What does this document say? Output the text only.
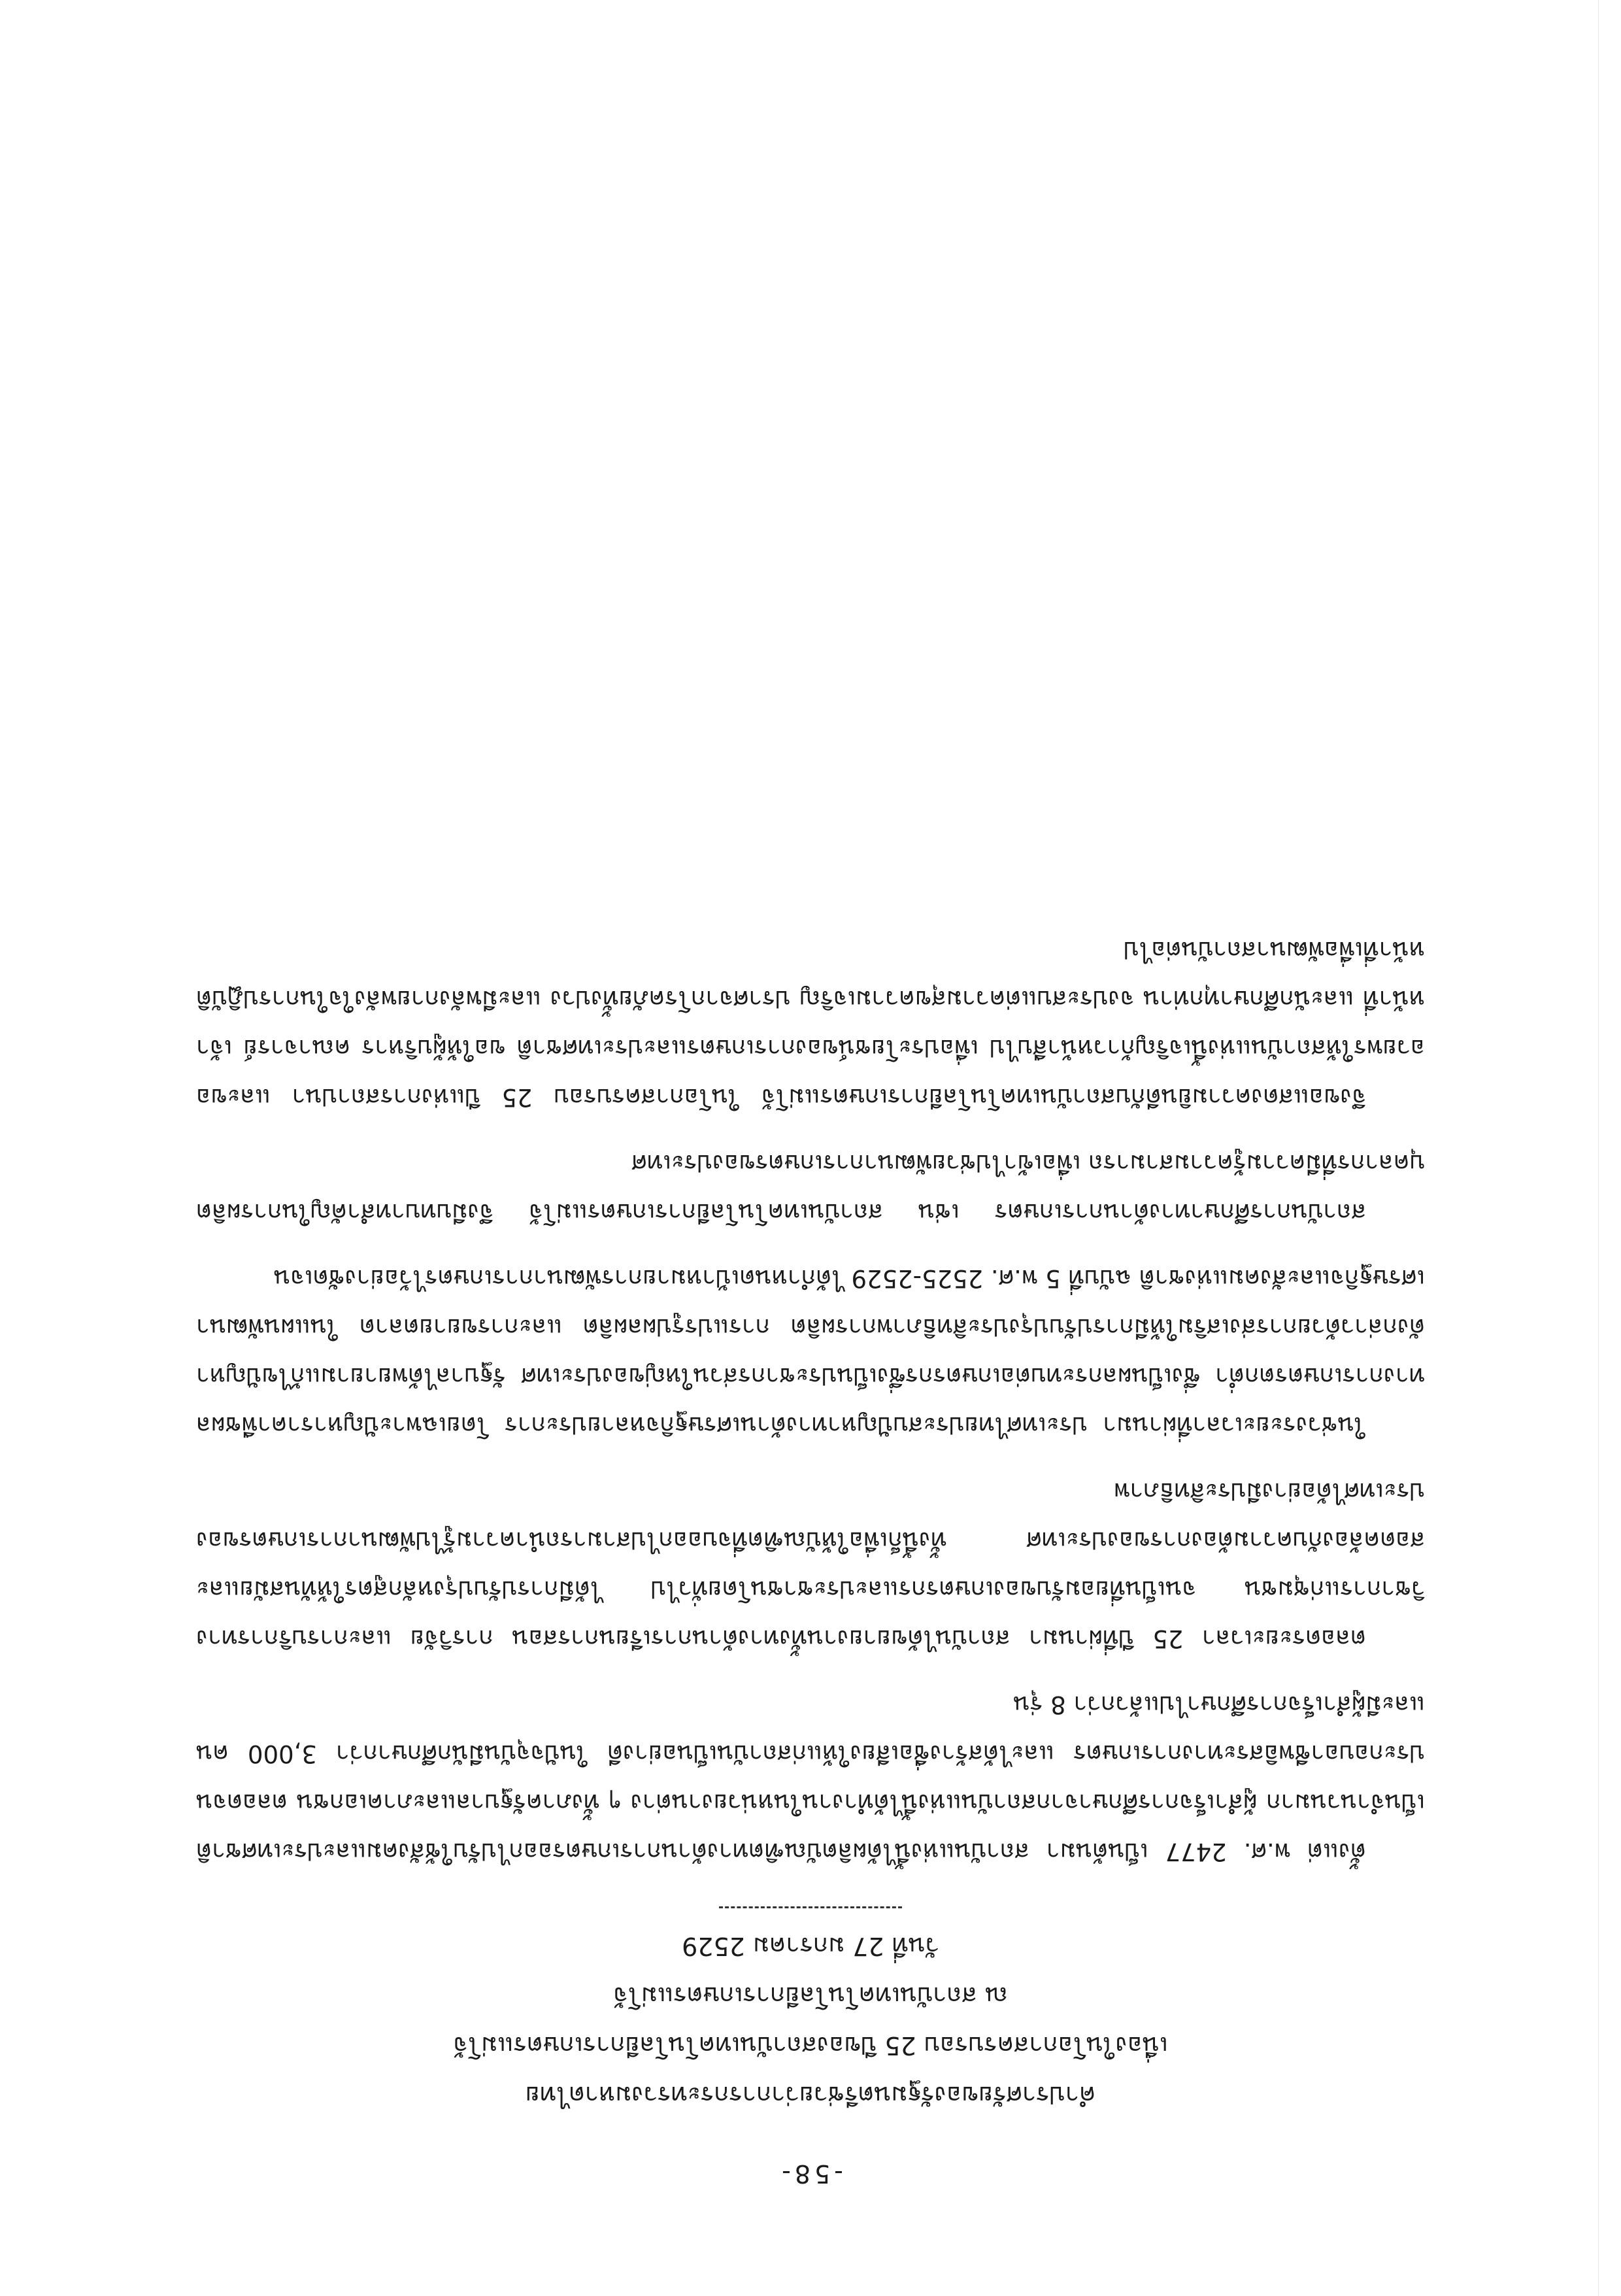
-58-
คำปราศรัยของรัฐมนตรีช่วยว่าการกระทรวงมหาดไทย
เนื่องในโอกาสครบรอบ 25 ปีของสถาบันเทคโนโลยีการเกษตรแม่โจ้
ณ สถาบันเทคโนโลยีการเกษตรแม่โจ้
วันที่ 27 มกราคม 2529

ตั้งแต่ พ.ศ. 2477 เป็นต้นมา สถาบันแห่งนี้ได้ผลิตบัณฑิตทางด้านการเกษตรออกไปรับใช้สังคมและประเทศชาติเป็นจำนวนมาก ผู้สำเร็จการศึกษาจากสถาบันแห่งนี้ได้ทำงานในหน่วยงานต่าง ๆ ทั้งภาครัฐบาลและภาคเอกชน ตลอดจนประกอบอาชีพอิสระทางการเกษตร และได้สร้างชื่อเสียงให้แก่สถาบันเป็นอย่างดี ในปัจจุบันมีนักศึกษากว่า 3,000 คน และมีผู้สำเร็จการศึกษาไปแล้วกว่า 8 รุ่น

ตลอดระยะเวลา 25 ปีที่ผ่านมา สถาบันได้ขยายงานทั้งทางด้านการเรียนการสอน การวิจัย และการบริการทางวิชาการแก่ชุมชน จนเป็นที่ยอมรับของเกษตรกรและประชาชนโดยทั่วไป ได้มีการปรับปรุงหลักสูตรให้ทันสมัยและสอดคล้องกับความต้องการของประเทศ ทั้งนี้ก็เพื่อให้บัณฑิตที่จบออกไปสามารถนำความรู้ไปพัฒนาการเกษตรของประเทศได้อย่างมีประสิทธิภาพ

ในช่วงระยะเวลาที่ผ่านมา ประเทศไทยประสบปัญหาทางด้านเศรษฐกิจหลายประการ โดยเฉพาะปัญหาราคาพืชผลทางการเกษตรตกต่ำ ซึ่งเป็นผลกระทบต่อเกษตรกรซึ่งเป็นประชากรส่วนใหญ่ของประเทศ รัฐบาลได้พยายามแก้ไขปัญหาดังกล่าวด้วยการส่งเสริมให้มีการปรับปรุงประสิทธิภาพการผลิต การแปรรูปผลผลิต และการขยายตลาด ในแผนพัฒนาเศรษฐกิจและสังคมแห่งชาติ ฉบับที่ 5 พ.ศ. 2525-2529 ได้กำหนดเป้าหมายการพัฒนาการเกษตรไว้อย่างชัดเจน

สถาบันการศึกษาทางด้านการเกษตร เช่น สถาบันเทคโนโลยีการเกษตรแม่โจ้ จึงมีบทบาทสำคัญในการผลิตบุคลากรที่มีความรู้ความสามารถ เพื่อเข้าไปช่วยพัฒนาการเกษตรของประเทศ

จึงขอแสดงความยินดีกับสถาบันเทคโนโลยีการเกษตรแม่โจ้ ในโอกาสครบรอบ 25 ปีแห่งการสถาปนา และขออวยพรให้สถาบันแห่งนี้เจริญก้าวหน้าสืบไป เพื่อประโยชน์ของการเกษตรและประเทศชาติ ขอให้ผู้บริหาร คณาจารย์ เจ้าหน้าที่ และนักศึกษาทุกท่าน จงประสบแต่ความสุขความเจริญ ปราศจากโรคภัยทั้งปวง และมีพลังกายพลังใจในการปฏิบัติหน้าที่เพื่อพัฒนาสถาบันต่อไป
